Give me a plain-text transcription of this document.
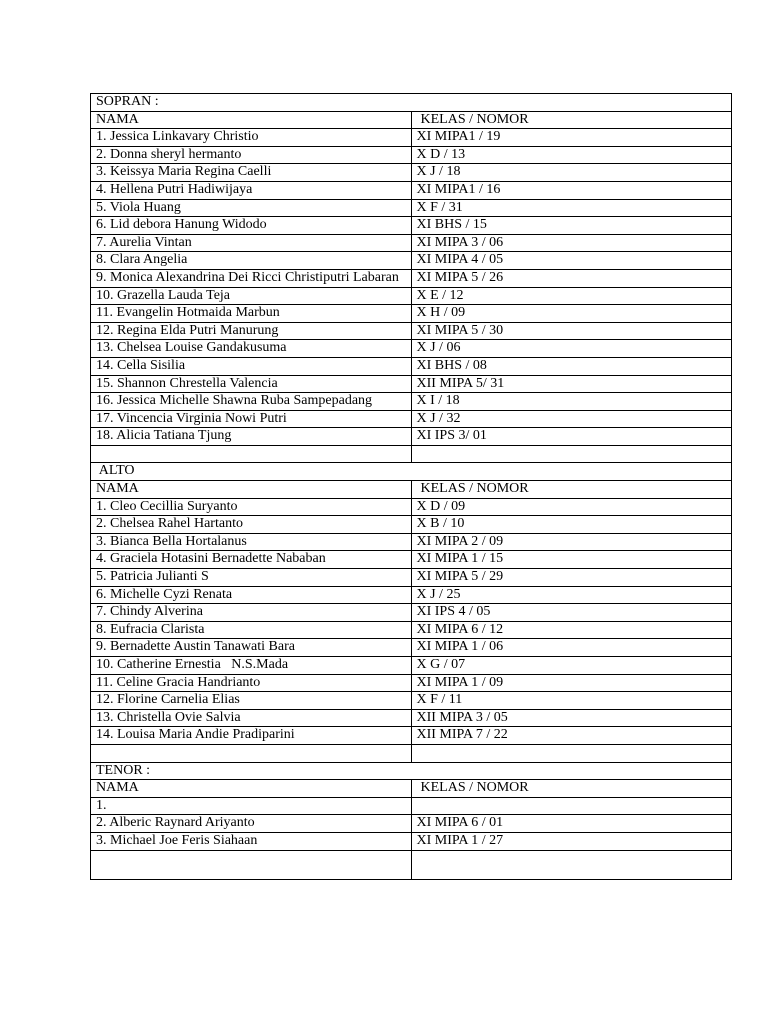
SOPRAN :	
NAMA	KELAS / NOMOR
1. Jessica Linkavary Christio	XI MIPA1 / 19
2. Donna sheryl hermanto	X D / 13
3. Keissya Maria Regina Caelli	X J / 18
4. Hellena Putri Hadiwijaya	XI MIPA1 / 16
5. Viola Huang	X F / 31
6. Lid debora Hanung Widodo	XI BHS / 15
7. Aurelia Vintan	XI MIPA 3 / 06
8. Clara Angelia	XI MIPA 4 / 05
9. Monica Alexandrina Dei Ricci Christiputri Labaran	XI MIPA 5 / 26
10. Grazella Lauda Teja	X E / 12
11. Evangelin Hotmaida Marbun	X H / 09
12. Regina Elda Putri Manurung	XI MIPA 5 / 30
13. Chelsea Louise Gandakusuma	X J / 06
14. Cella Sisilia	XI BHS / 08
15. Shannon Chrestella Valencia	XII MIPA 5/ 31
16. Jessica Michelle Shawna Ruba Sampepadang	X I / 18
17. Vincencia Virginia Nowi Putri	X J / 32
18. Alicia Tatiana Tjung	XI IPS 3/ 01

ALTO	
NAMA	KELAS / NOMOR
1. Cleo Cecillia Suryanto	X D / 09
2. Chelsea Rahel Hartanto	X B / 10
3. Bianca Bella Hortalanus	XI MIPA 2 / 09
4. Graciela Hotasini Bernadette Nababan	XI MIPA 1 / 15
5. Patricia Julianti S	XI MIPA 5 / 29
6. Michelle Cyzi Renata	X J / 25
7. Chindy Alverina	XI IPS 4 / 05
8. Eufracia Clarista	XI MIPA 6 / 12
9. Bernadette Austin Tanawati Bara	XI MIPA 1 / 06
10. Catherine Ernestia   N.S.Mada	X G / 07
11. Celine Gracia Handrianto	XI MIPA 1 / 09
12. Florine Carnelia Elias	X F / 11
13. Christella Ovie Salvia	XII MIPA 3 / 05
14. Louisa Maria Andie Pradiparini	XII MIPA 7 / 22

TENOR :	
NAMA	KELAS / NOMOR
1.	
2. Alberic Raynard Ariyanto	XI MIPA 6 / 01
3. Michael Joe Feris Siahaan	XI MIPA 1 / 27
